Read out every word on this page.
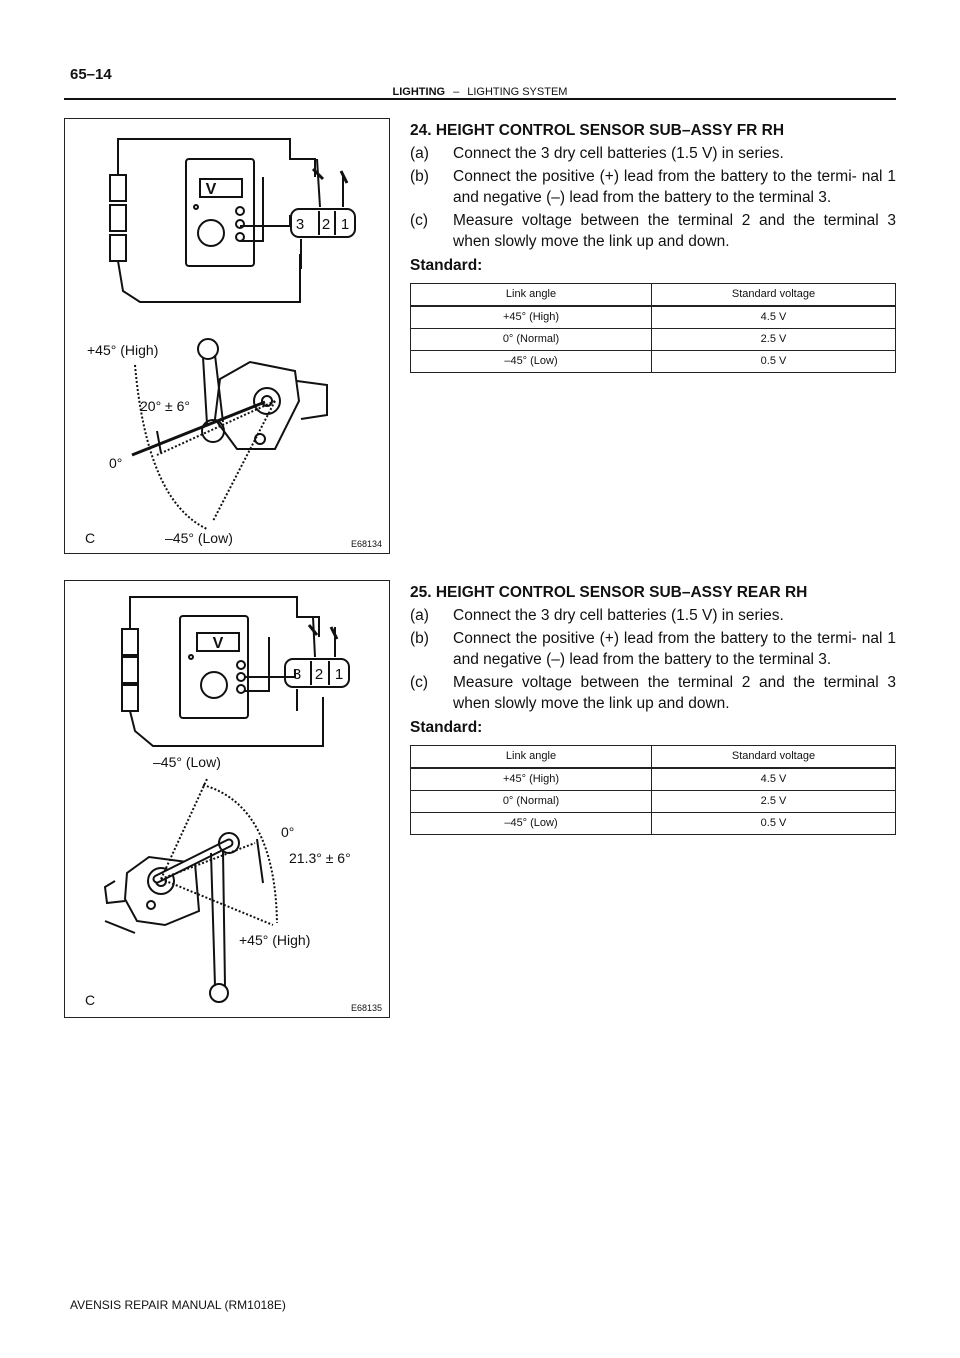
65–14
LIGHTING – LIGHTING SYSTEM
V
3 2 1
+45° (High)
20° ± 6°
0°
–45° (Low)
C	E68134
V
3 2 1
–45° (Low)
0°
21.3° ± 6°
+45° (High)
C	E68135
24. HEIGHT CONTROL SENSOR SUB–ASSY FR RH
(a)	Connect the 3 dry cell batteries (1.5 V) in series.
(b)	Connect the positive (+) lead from the battery to the termi- nal 1 and negative (–) lead from the battery to the terminal 3.
(c)	Measure voltage between the terminal 2 and the terminal 3 when slowly move the link up and down.
Standard:
Link angle	Standard voltage
+45° (High)	4.5 V
0° (Normal)	2.5 V
–45° (Low)	0.5 V
25. HEIGHT CONTROL SENSOR SUB–ASSY REAR RH
(a)	Connect the 3 dry cell batteries (1.5 V) in series.
(b)	Connect the positive (+) lead from the battery to the termi- nal 1 and negative (–) lead from the battery to the terminal 3.
(c)	Measure voltage between the terminal 2 and the terminal 3 when slowly move the link up and down.
Standard:
Link angle	Standard voltage
+45° (High)	4.5 V
0° (Normal)	2.5 V
–45° (Low)	0.5 V
AVENSIS REPAIR MANUAL (RM1018E)
